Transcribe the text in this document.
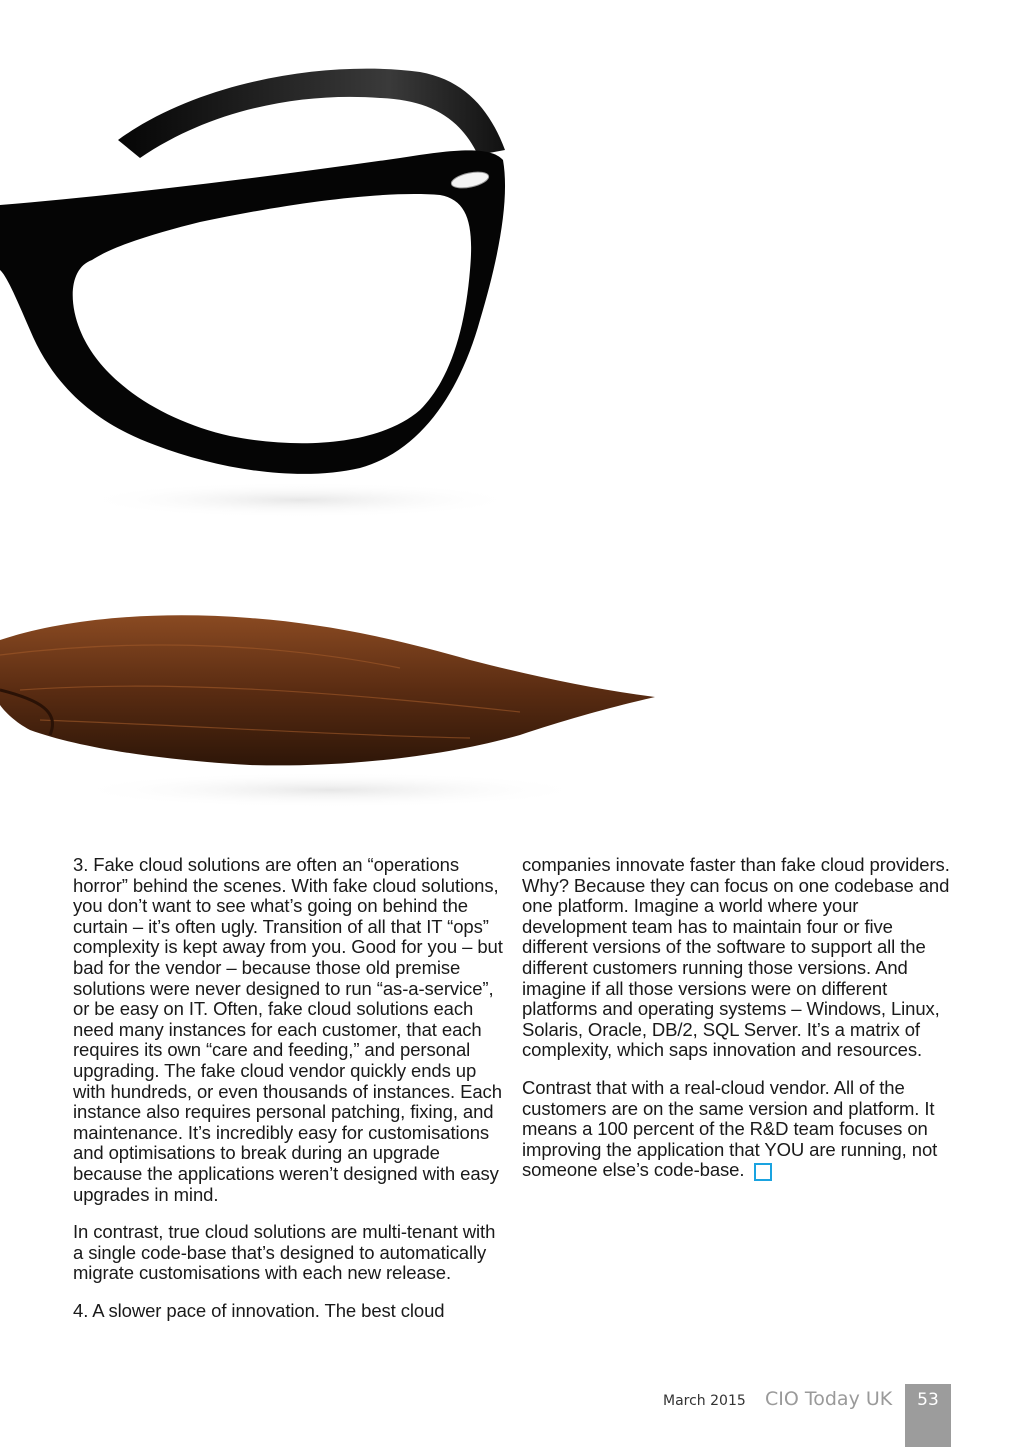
3. Fake cloud solutions are often an “operations horror” behind the scenes. With fake cloud solutions, you don’t want to see what’s going on behind the curtain – it’s often ugly. Transition of all that IT “ops” complexity is kept away from you. Good for you – but bad for the vendor – because those old premise solutions were never designed to run “as-a-service”, or be easy on IT. Often, fake cloud solutions each need many instances for each customer, that each requires its own “care and feeding,” and personal upgrading. The fake cloud vendor quickly ends up with hundreds, or even thousands of instances. Each instance also requires personal patching, fixing, and maintenance. It’s incredibly easy for customisations and optimisations to break during an upgrade because the applications weren’t designed with easy upgrades in mind.

In contrast, true cloud solutions are multi-tenant with a single code-base that’s designed to automatically migrate customisations with each new release.

4. A slower pace of innovation. The best cloud

companies innovate faster than fake cloud providers. Why? Because they can focus on one codebase and one platform. Imagine a world where your development team has to maintain four or five different versions of the software to support all the different customers running those versions. And imagine if all those versions were on different platforms and operating systems – Windows, Linux, Solaris, Oracle, DB/2, SQL Server. It’s a matrix of complexity, which saps innovation and resources.

Contrast that with a real-cloud vendor. All of the customers are on the same version and platform. It means a 100 percent of the R&D team focuses on improving the application that YOU are running, not someone else’s code-base.

March 2015 CIO Today UK	53
